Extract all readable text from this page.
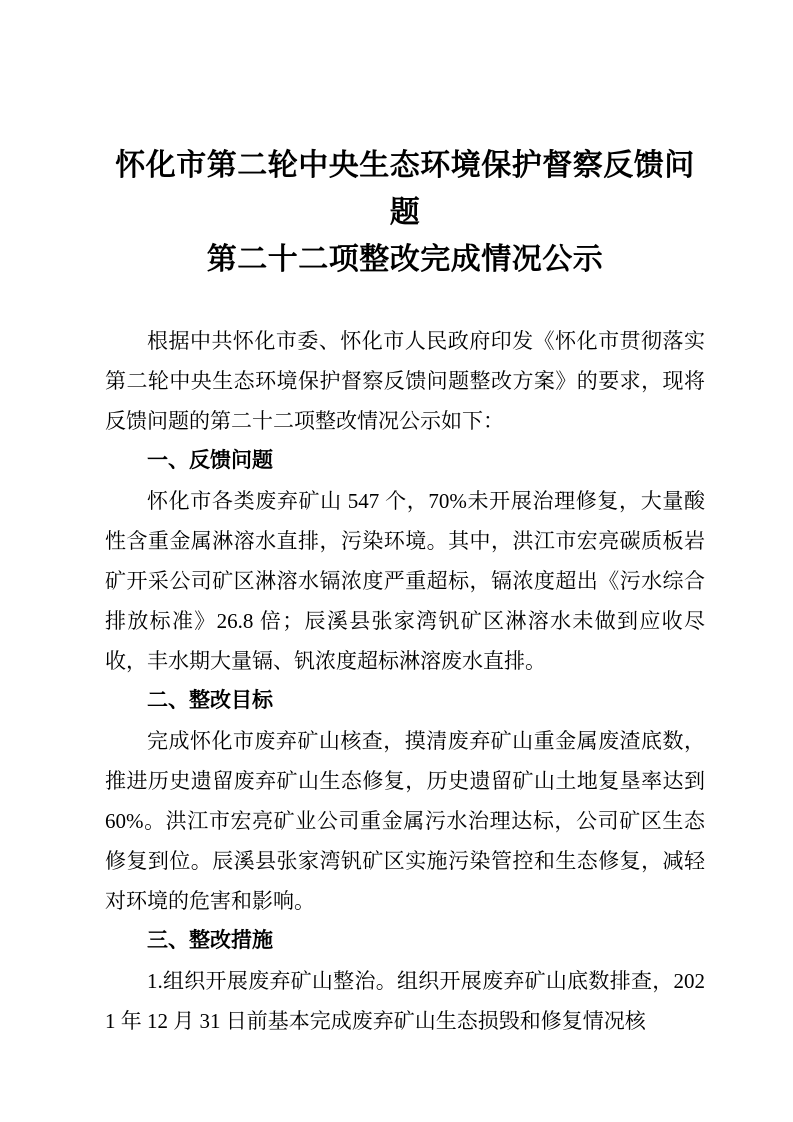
怀化市第二轮中央生态环境保护督察反馈问题
第二十二项整改完成情况公示

根据中共怀化市委、怀化市人民政府印发《怀化市贯彻落实第二轮中央生态环境保护督察反馈问题整改方案》的要求，现将反馈问题的第二十二项整改情况公示如下：

一、反馈问题

怀化市各类废弃矿山 547 个，70%未开展治理修复，大量酸性含重金属淋溶水直排，污染环境。其中，洪江市宏亮碳质板岩矿开采公司矿区淋溶水镉浓度严重超标，镉浓度超出《污水综合排放标准》26.8 倍；辰溪县张家湾钒矿区淋溶水未做到应收尽收，丰水期大量镉、钒浓度超标淋溶废水直排。

二、整改目标

完成怀化市废弃矿山核查，摸清废弃矿山重金属废渣底数，推进历史遗留废弃矿山生态修复，历史遗留矿山土地复垦率达到 60%。洪江市宏亮矿业公司重金属污水治理达标，公司矿区生态修复到位。辰溪县张家湾钒矿区实施污染管控和生态修复，减轻对环境的危害和影响。

三、整改措施

1.组织开展废弃矿山整治。组织开展废弃矿山底数排查，2021 年 12 月 31 日前基本完成废弃矿山生态损毁和修复情况核
